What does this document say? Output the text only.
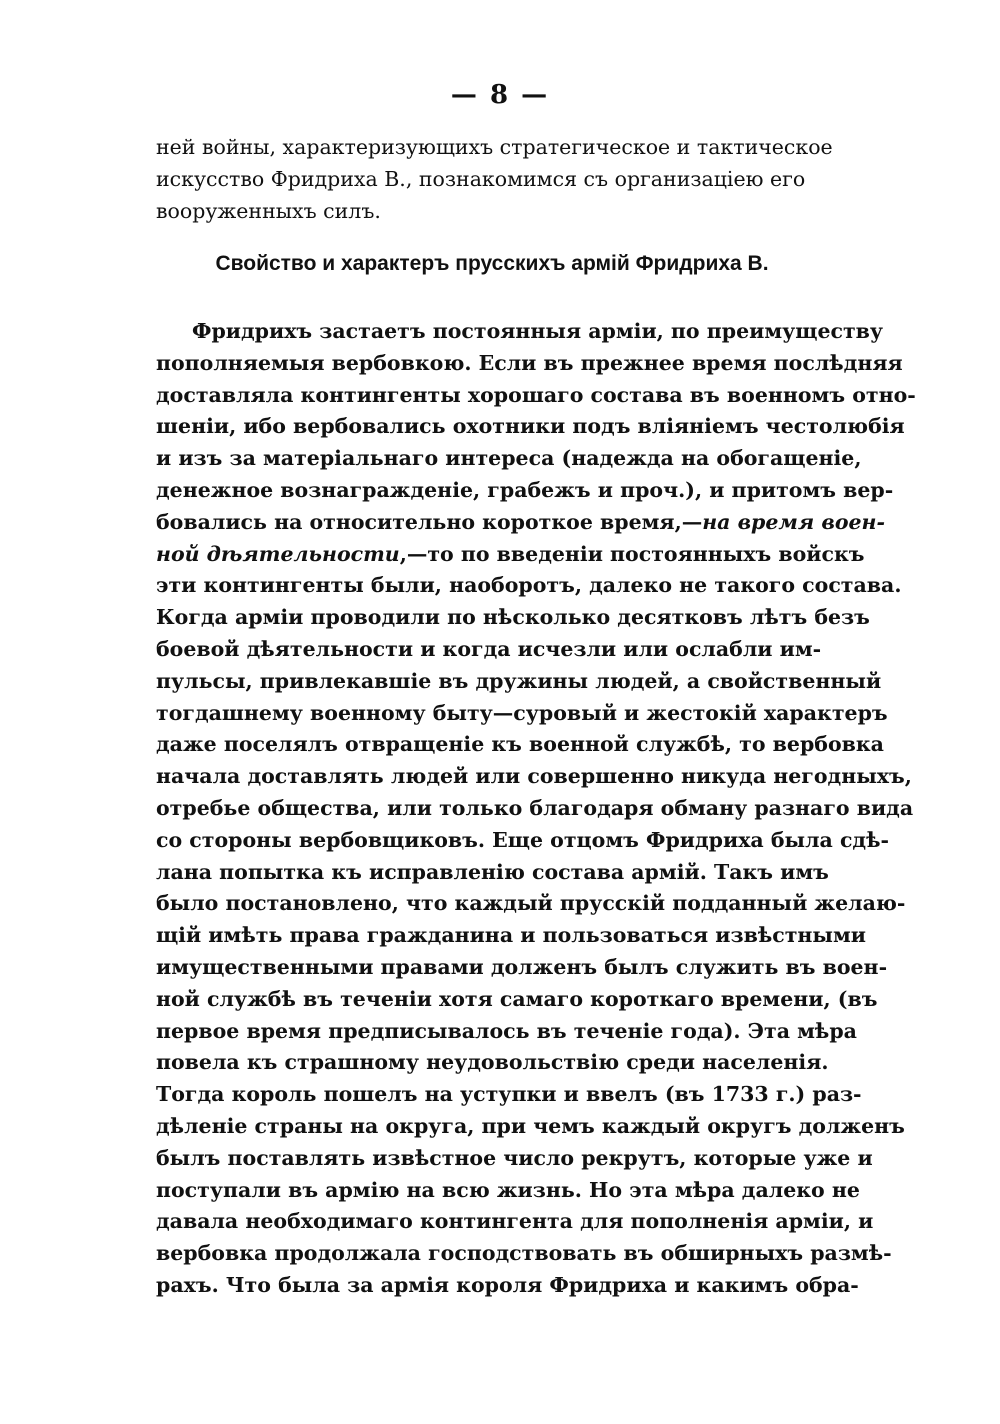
— 8 —
ней войны, характеризующихъ стратегическое и тактическое
искусство Фридриха В., познакомимся съ организаціею его
вооруженныхъ силъ.
Свойство и характеръ прусскихъ армій Фридриха В.
Фридрихъ застаетъ постоянныя арміи, по преимуществу
пополняемыя вербовкою. Если въ прежнее время послѣдняя
доставляла контингенты хорошаго состава въ военномъ отно-
шеніи, ибо вербовались охотники подъ вліяніемъ честолюбія
и изъ за матеріальнаго интереса (надежда на обогащеніе,
денежное вознагражденіе, грабежъ и проч.), и притомъ вер-
бовались на относительно короткое время,—на время воен-
ной дѣятельности,—то по введеніи постоянныхъ войскъ
эти контингенты были, наоборотъ, далеко не такого состава.
Когда арміи проводили по нѣсколько десятковъ лѣтъ безъ
боевой дѣятельности и когда исчезли или ослабли им-
пульсы, привлекавшіе въ дружины людей, а свойственный
тогдашнему военному быту—суровый и жестокій характеръ
даже поселялъ отвращеніе къ военной службѣ, то вербовка
начала доставлять людей или совершенно никуда негодныхъ,
отребье общества, или только благодаря обману разнаго вида
со стороны вербовщиковъ. Еще отцомъ Фридриха была сдѣ-
лана попытка къ исправленію состава армій. Такъ имъ
было постановлено, что каждый прусскій подданный желаю-
щій имѣть права гражданина и пользоваться извѣстными
имущественными правами долженъ былъ служить въ воен-
ной службѣ въ теченіи хотя самаго короткаго времени, (въ
первое время предписывалось въ теченіе года). Эта мѣра
повела къ страшному неудовольствію среди населенія.
Тогда король пошелъ на уступки и ввелъ (въ 1733 г.) раз-
дѣленіе страны на округа, при чемъ каждый округъ долженъ
былъ поставлять извѣстное число рекрутъ, которые уже и
поступали въ армію на всю жизнь. Но эта мѣра далеко не
давала необходимаго контингента для пополненія арміи, и
вербовка продолжала господствовать въ обширныхъ размѣ-
рахъ. Что была за армія короля Фридриха и какимъ обра-
